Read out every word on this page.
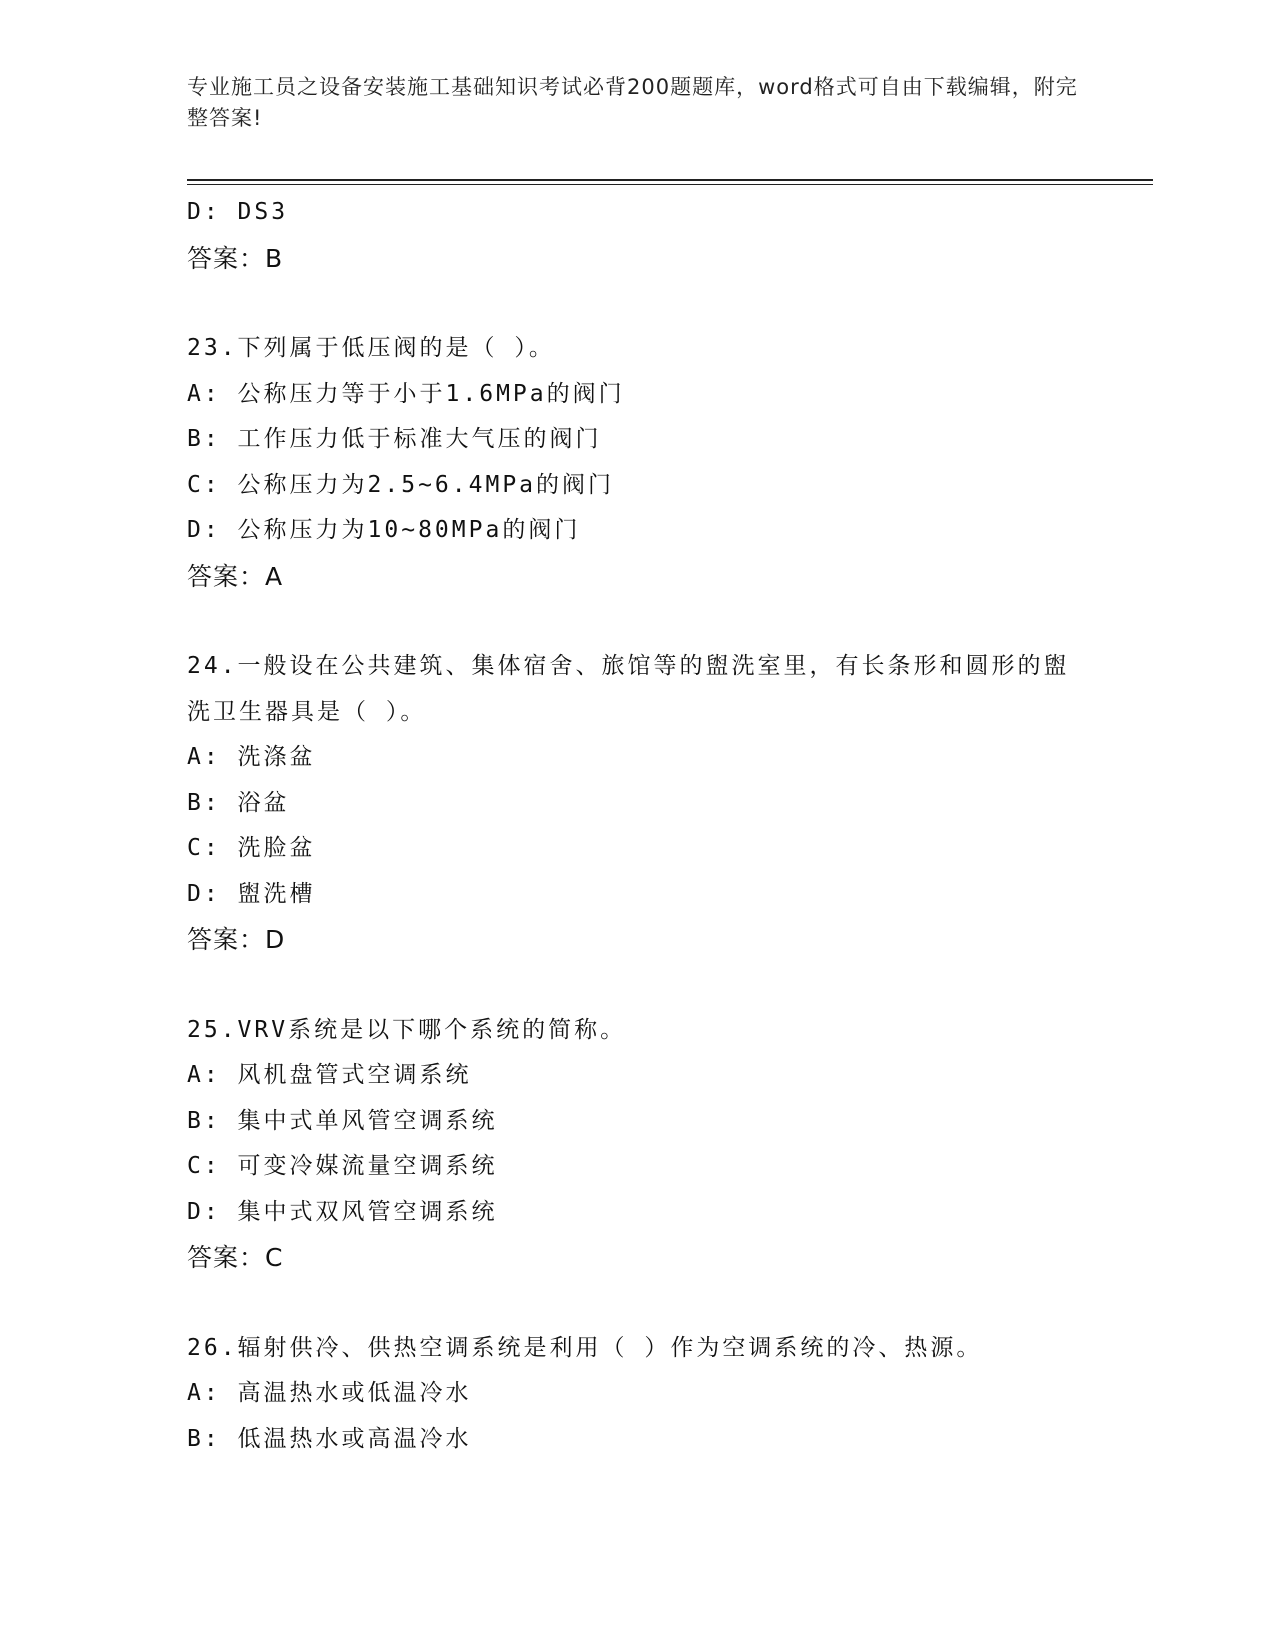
专业施工员之设备安装施工基础知识考试必背200题题库，word格式可自由下载编辑，附完整答案!
D: DS3
答案：B
23.下列属于低压阀的是（ ）。
A: 公称压力等于小于1.6MPa的阀门
B: 工作压力低于标准大气压的阀门
C: 公称压力为2.5~6.4MPa的阀门
D: 公称压力为10~80MPa的阀门
答案：A
24.一般设在公共建筑、集体宿舍、旅馆等的盥洗室里，有长条形和圆形的盥洗卫生器具是（ ）。
A: 洗涤盆
B: 浴盆
C: 洗脸盆
D: 盥洗槽
答案：D
25.VRV系统是以下哪个系统的简称。
A: 风机盘管式空调系统
B: 集中式单风管空调系统
C: 可变冷媒流量空调系统
D: 集中式双风管空调系统
答案：C
26.辐射供冷、供热空调系统是利用（ ）作为空调系统的冷、热源。
A: 高温热水或低温冷水
B: 低温热水或高温冷水
